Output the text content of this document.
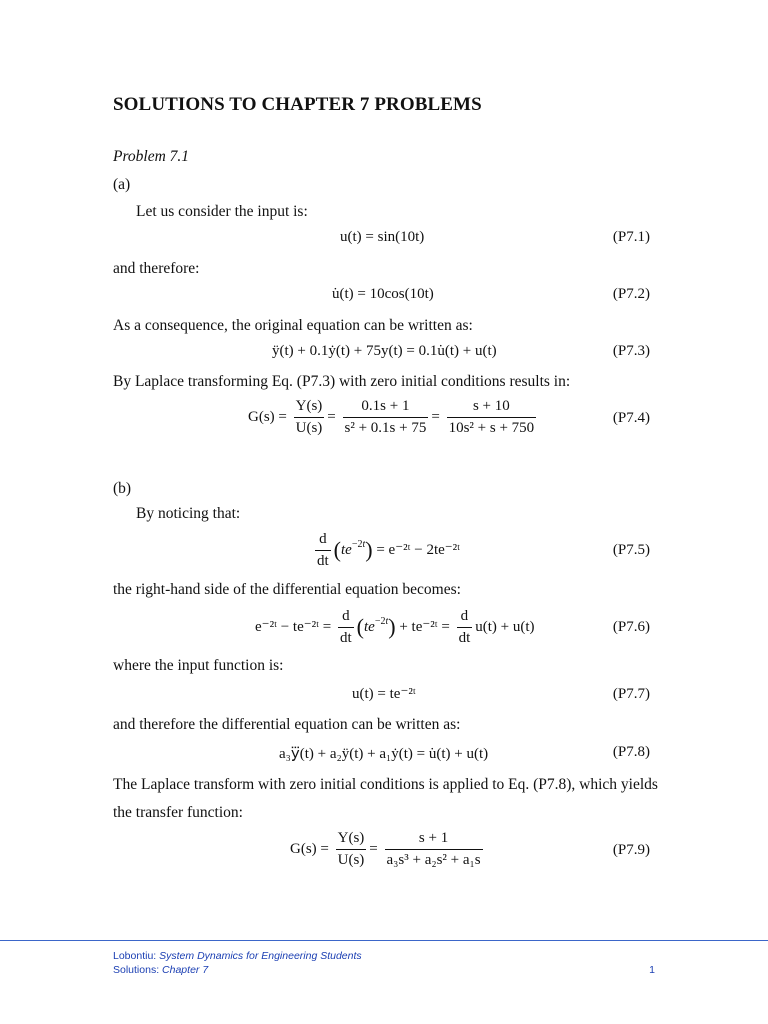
SOLUTIONS TO CHAPTER 7 PROBLEMS
Problem 7.1
(a)
Let us consider the input is:
u(t) = sin(10t)	(P7.1)
and therefore:
u̇(t) = 10cos(10t)	(P7.2)
As a consequence, the original equation can be written as:
ÿ(t) + 0.1ẏ(t) + 75y(t) = 0.1u̇(t) + u(t)	(P7.3)
By Laplace transforming Eq. (P7.3) with zero initial conditions results in:
$G(s) = \frac{Y(s)}{U(s)} = \frac{0.1s + 1}{\text{s² + 0.1s + 75}} = \frac{s + 10}{\text{10s² + s + 750}}$	(P7.4)
(b)
By noticing that:
$\frac{d}{dt} (te^{-2t})$ = e⁻²ᵗ − 2te⁻²ᵗ	(P7.5)
the right-hand side of the differential equation becomes:
e⁻²ᵗ − te⁻²ᵗ = $\frac{d}{dt} (te^{-2t})$ + te⁻²ᵗ = $\frac{d}{dt} u(t) + u(t)$	(P7.6)
where the input function is:
u(t) = te⁻²ᵗ	(P7.7)
and therefore the differential equation can be written as:
a₃y⃛(t) + a₂ÿ(t) + a₁ẏ(t) = u̇(t) + u(t)	(P7.8)
The Laplace transform with zero initial conditions is applied to Eq. (P7.8), which yields
the transfer function:
$G(s) = \frac{Y(s)}{U(s)} = \frac{s + 1}{\text{a₃s³ + a₂s² + a₁s}}$	(P7.9)
Lobontiu: System Dynamics for Engineering Students
Solutions: Chapter 7	1
